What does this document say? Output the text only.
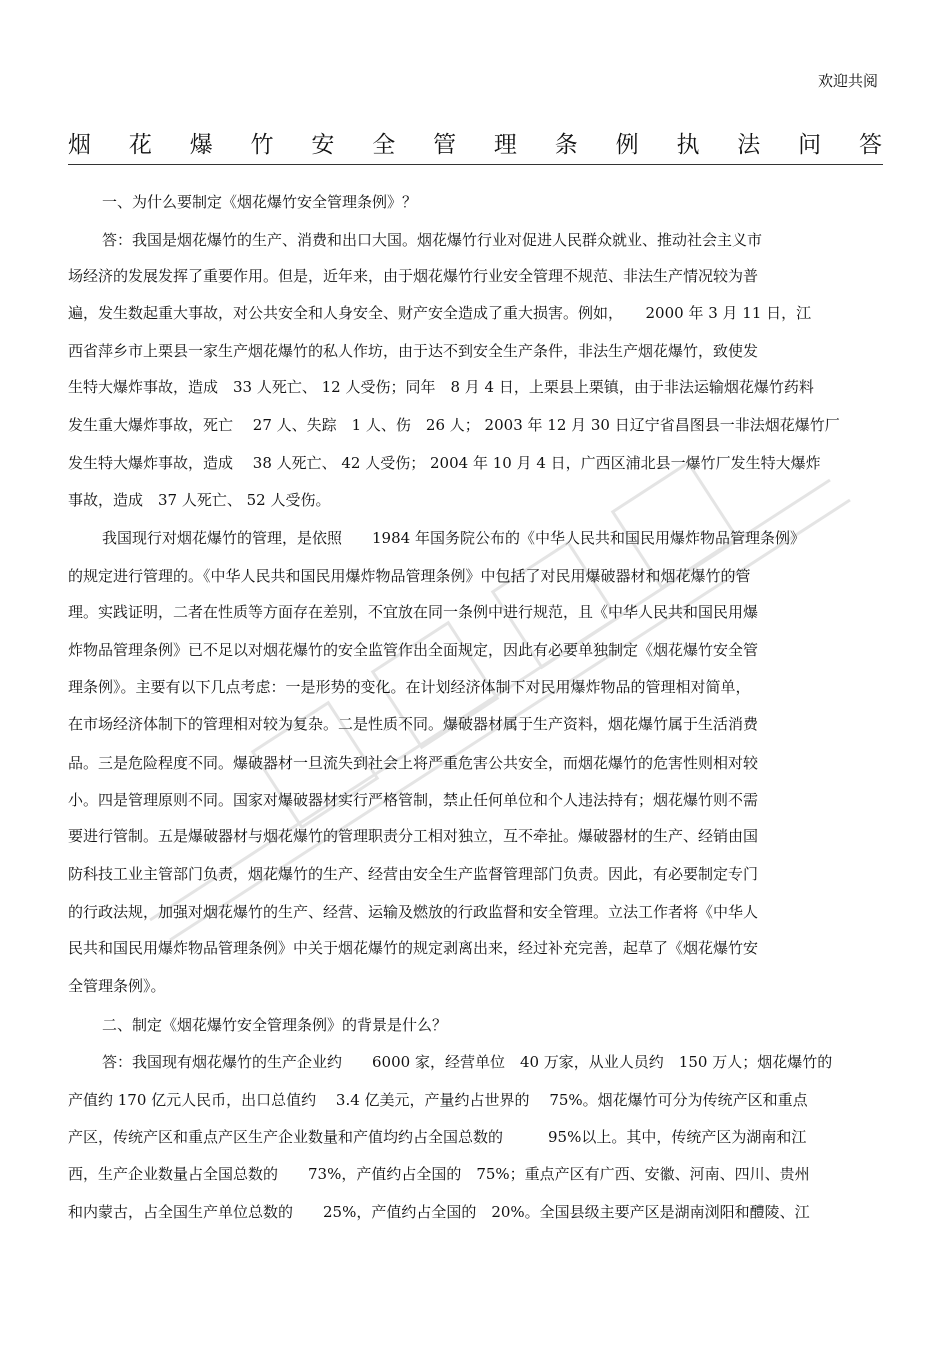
欢迎共阅
烟 花 爆 竹 安 全 管 理 条 例 执 法 问 答
一、为什么要制定《烟花爆竹安全管理条例》？
答：我国是烟花爆竹的生产、消费和出口大国。烟花爆竹行业对促进人民群众就业、推动社会主义市
场经济的发展发挥了重要作用。但是，近年来，由于烟花爆竹行业安全管理不规范、非法生产情况较为普
遍，发生数起重大事故，对公共安全和人身安全、财产安全造成了重大损害。例如，　　2000 年 3 月 11 日，江
西省萍乡市上栗县一家生产烟花爆竹的私人作坊，由于达不到安全生产条件，非法生产烟花爆竹，致使发
生特大爆炸事故，造成　33 人死亡、 12 人受伤；同年　8 月 4 日，上栗县上栗镇，由于非法运输烟花爆竹药料
发生重大爆炸事故，死亡　 27 人、失踪　1 人、伤　26 人； 2003 年 12 月 30 日辽宁省昌图县一非法烟花爆竹厂
发生特大爆炸事故，造成　 38 人死亡、 42 人受伤； 2004 年 10 月 4 日，广西区浦北县一爆竹厂发生特大爆炸
事故，造成　37 人死亡、 52 人受伤。
我国现行对烟花爆竹的管理，是依照　　1984 年国务院公布的《中华人民共和国民用爆炸物品管理条例》
的规定进行管理的。《中华人民共和国民用爆炸物品管理条例》中包括了对民用爆破器材和烟花爆竹的管
理。实践证明，二者在性质等方面存在差别，不宜放在同一条例中进行规范，且《中华人民共和国民用爆
炸物品管理条例》已不足以对烟花爆竹的安全监管作出全面规定，因此有必要单独制定《烟花爆竹安全管
理条例》。主要有以下几点考虑：一是形势的变化。在计划经济体制下对民用爆炸物品的管理相对简单，
在市场经济体制下的管理相对较为复杂。二是性质不同。爆破器材属于生产资料，烟花爆竹属于生活消费
品。三是危险程度不同。爆破器材一旦流失到社会上将严重危害公共安全，而烟花爆竹的危害性则相对较
小。四是管理原则不同。国家对爆破器材实行严格管制，禁止任何单位和个人违法持有；烟花爆竹则不需
要进行管制。五是爆破器材与烟花爆竹的管理职责分工相对独立，互不牵扯。爆破器材的生产、经销由国
防科技工业主管部门负责，烟花爆竹的生产、经营由安全生产监督管理部门负责。因此，有必要制定专门
的行政法规，加强对烟花爆竹的生产、经营、运输及燃放的行政监督和安全管理。立法工作者将《中华人
民共和国民用爆炸物品管理条例》中关于烟花爆竹的规定剥离出来，经过补充完善，起草了《烟花爆竹安
全管理条例》。
二、制定《烟花爆竹安全管理条例》的背景是什么？
答：我国现有烟花爆竹的生产企业约　　6000 家，经营单位　40 万家，从业人员约　150 万人；烟花爆竹的
产值约 170 亿元人民币，出口总值约　 3.4 亿美元，产量约占世界的　 75%。烟花爆竹可分为传统产区和重点
产区，传统产区和重点产区生产企业数量和产值均约占全国总数的　　　95%以上。其中，传统产区为湖南和江
西，生产企业数量占全国总数的　　73%，产值约占全国的　75%；重点产区有广西、安徽、河南、四川、贵州
和内蒙古，占全国生产单位总数的　　25%，产值约占全国的　20%。全国县级主要产区是湖南浏阳和醴陵、江
